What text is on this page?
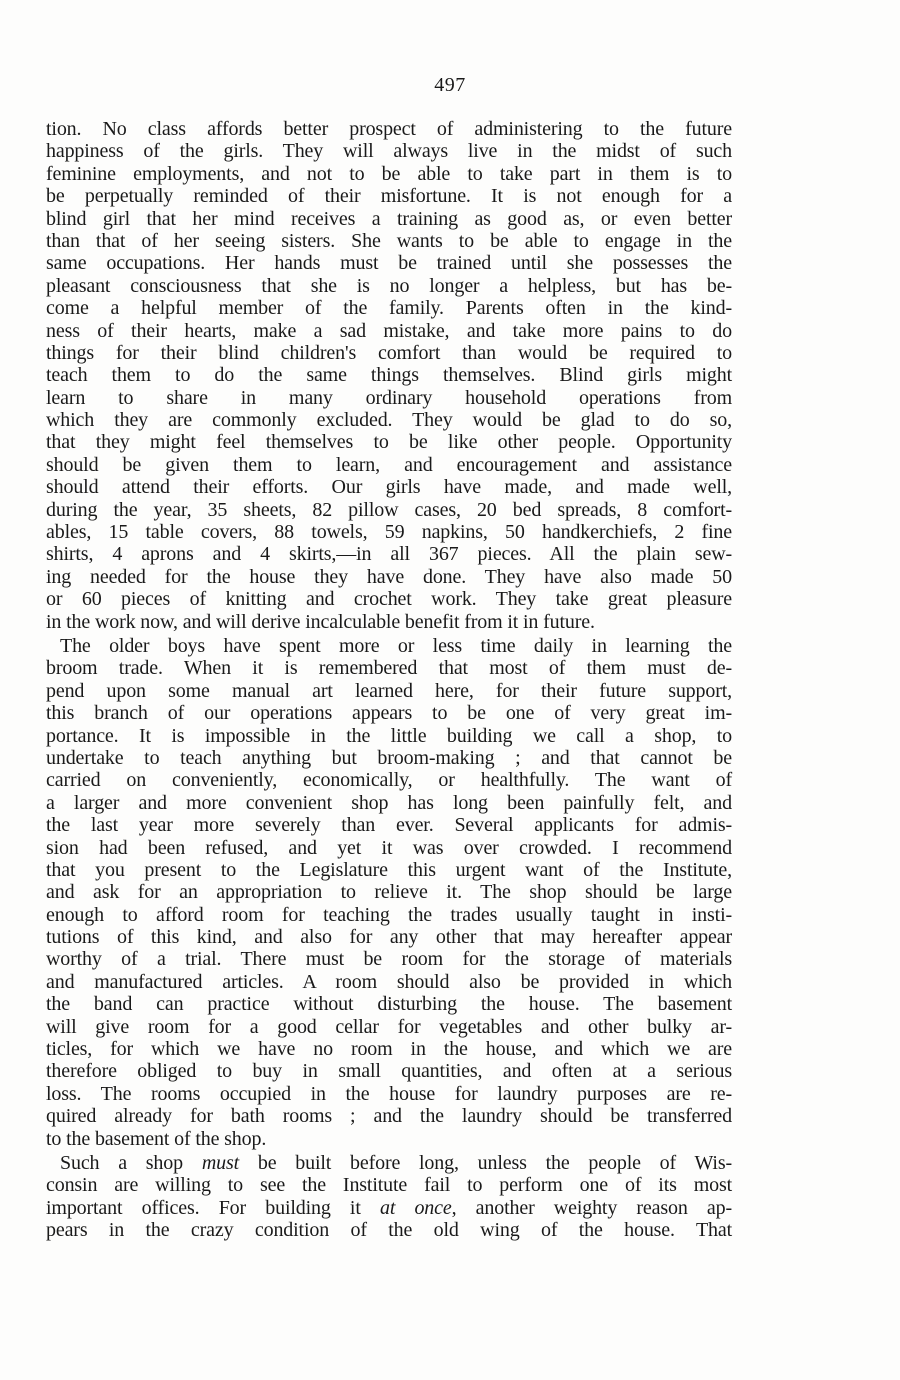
497
tion. No class affords better prospect of administering to the future
happiness of the girls. They will always live in the midst of such
feminine employments, and not to be able to take part in them is to
be perpetually reminded of their misfortune. It is not enough for a
blind girl that her mind receives a training as good as, or even better
than that of her seeing sisters. She wants to be able to engage in the
same occupations. Her hands must be trained until she possesses the
pleasant consciousness that she is no longer a helpless, but has be-
come a helpful member of the family. Parents often in the kind-
ness of their hearts, make a sad mistake, and take more pains to do
things for their blind children's comfort than would be required to
teach them to do the same things themselves. Blind girls might
learn to share in many ordinary household operations from
which they are commonly excluded. They would be glad to do so,
that they might feel themselves to be like other people. Opportunity
should be given them to learn, and encouragement and assistance
should attend their efforts. Our girls have made, and made well,
during the year, 35 sheets, 82 pillow cases, 20 bed spreads, 8 comfort-
ables, 15 table covers, 88 towels, 59 napkins, 50 handkerchiefs, 2 fine
shirts, 4 aprons and 4 skirts,—in all 367 pieces. All the plain sew-
ing needed for the house they have done. They have also made 50
or 60 pieces of knitting and crochet work. They take great pleasure
in the work now, and will derive incalculable benefit from it in future.
The older boys have spent more or less time daily in learning the
broom trade. When it is remembered that most of them must de-
pend upon some manual art learned here, for their future support,
this branch of our operations appears to be one of very great im-
portance. It is impossible in the little building we call a shop, to
undertake to teach anything but broom-making ; and that cannot be
carried on conveniently, economically, or healthfully. The want of
a larger and more convenient shop has long been painfully felt, and
the last year more severely than ever. Several applicants for admis-
sion had been refused, and yet it was over crowded. I recommend
that you present to the Legislature this urgent want of the Institute,
and ask for an appropriation to relieve it. The shop should be large
enough to afford room for teaching the trades usually taught in insti-
tutions of this kind, and also for any other that may hereafter appear
worthy of a trial. There must be room for the storage of materials
and manufactured articles. A room should also be provided in which
the band can practice without disturbing the house. The basement
will give room for a good cellar for vegetables and other bulky ar-
ticles, for which we have no room in the house, and which we are
therefore obliged to buy in small quantities, and often at a serious
loss. The rooms occupied in the house for laundry purposes are re-
quired already for bath rooms ; and the laundry should be transferred
to the basement of the shop.
Such a shop must be built before long, unless the people of Wis-
consin are willing to see the Institute fail to perform one of its most
important offices. For building it at once, another weighty reason ap-
pears in the crazy condition of the old wing of the house. That
